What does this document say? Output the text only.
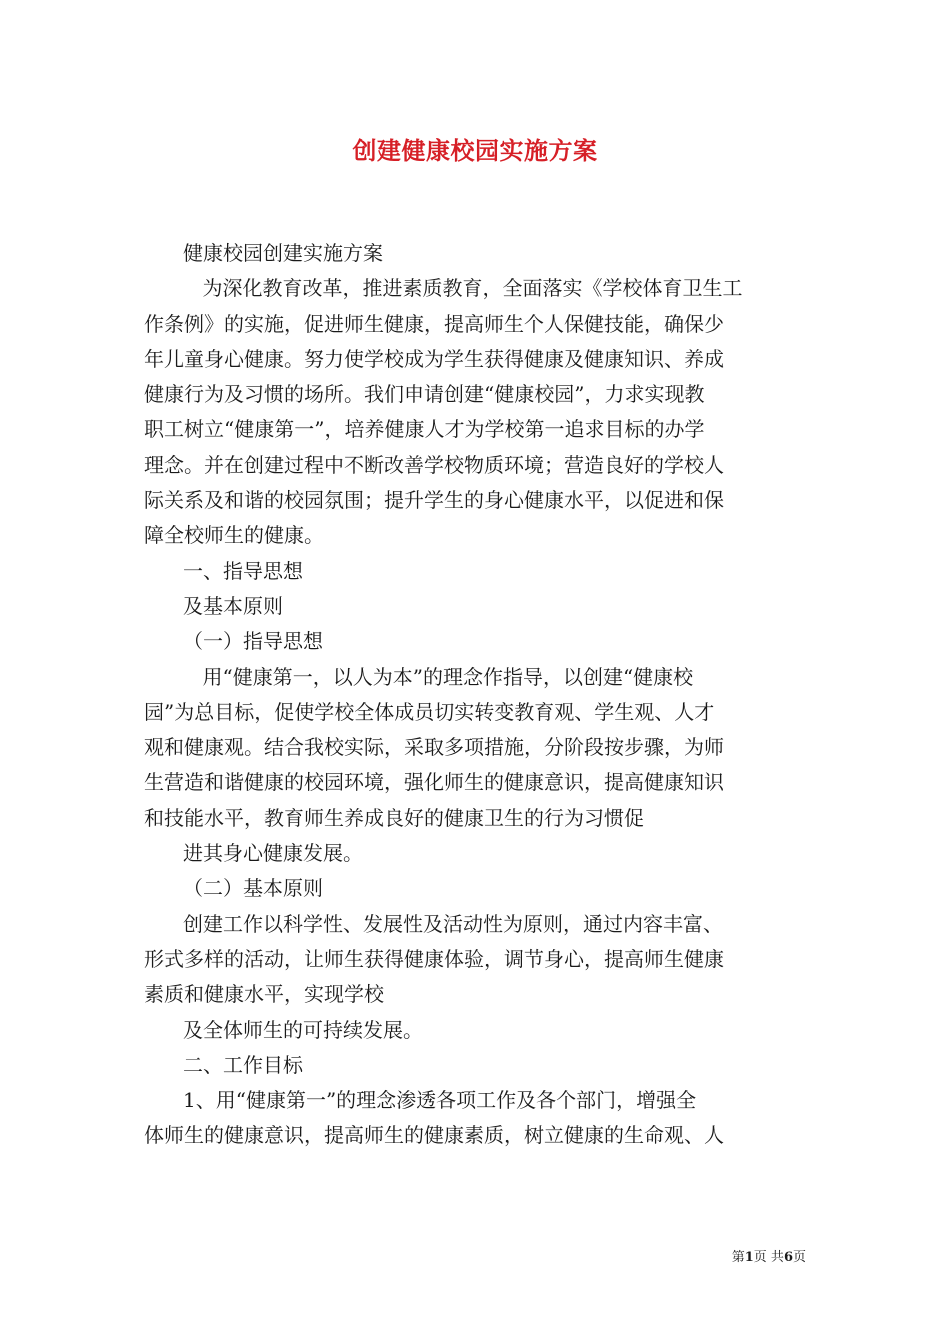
创建健康校园实施方案
健康校园创建实施方案
为深化教育改革，推进素质教育，全面落实《学校体育卫生工
作条例》的实施，促进师生健康，提高师生个人保健技能，确保少
年儿童身心健康。努力使学校成为学生获得健康及健康知识、养成
健康行为及习惯的场所。我们申请创建“健康校园”，力求实现教
职工树立“健康第一”，培养健康人才为学校第一追求目标的办学
理念。并在创建过程中不断改善学校物质环境；营造良好的学校人
际关系及和谐的校园氛围；提升学生的身心健康水平，以促进和保
障全校师生的健康。
一、指导思想
及基本原则
（一）指导思想
用“健康第一，以人为本”的理念作指导，以创建“健康校
园”为总目标，促使学校全体成员切实转变教育观、学生观、人才
观和健康观。结合我校实际，采取多项措施，分阶段按步骤，为师
生营造和谐健康的校园环境，强化师生的健康意识，提高健康知识
和技能水平，教育师生养成良好的健康卫生的行为习惯促
进其身心健康发展。
（二）基本原则
创建工作以科学性、发展性及活动性为原则，通过内容丰富、
形式多样的活动，让师生获得健康体验，调节身心，提高师生健康
素质和健康水平，实现学校
及全体师生的可持续发展。
二、工作目标
1、用“健康第一”的理念渗透各项工作及各个部门，增强全
体师生的健康意识，提高师生的健康素质，树立健康的生命观、人
第1页 共6页
